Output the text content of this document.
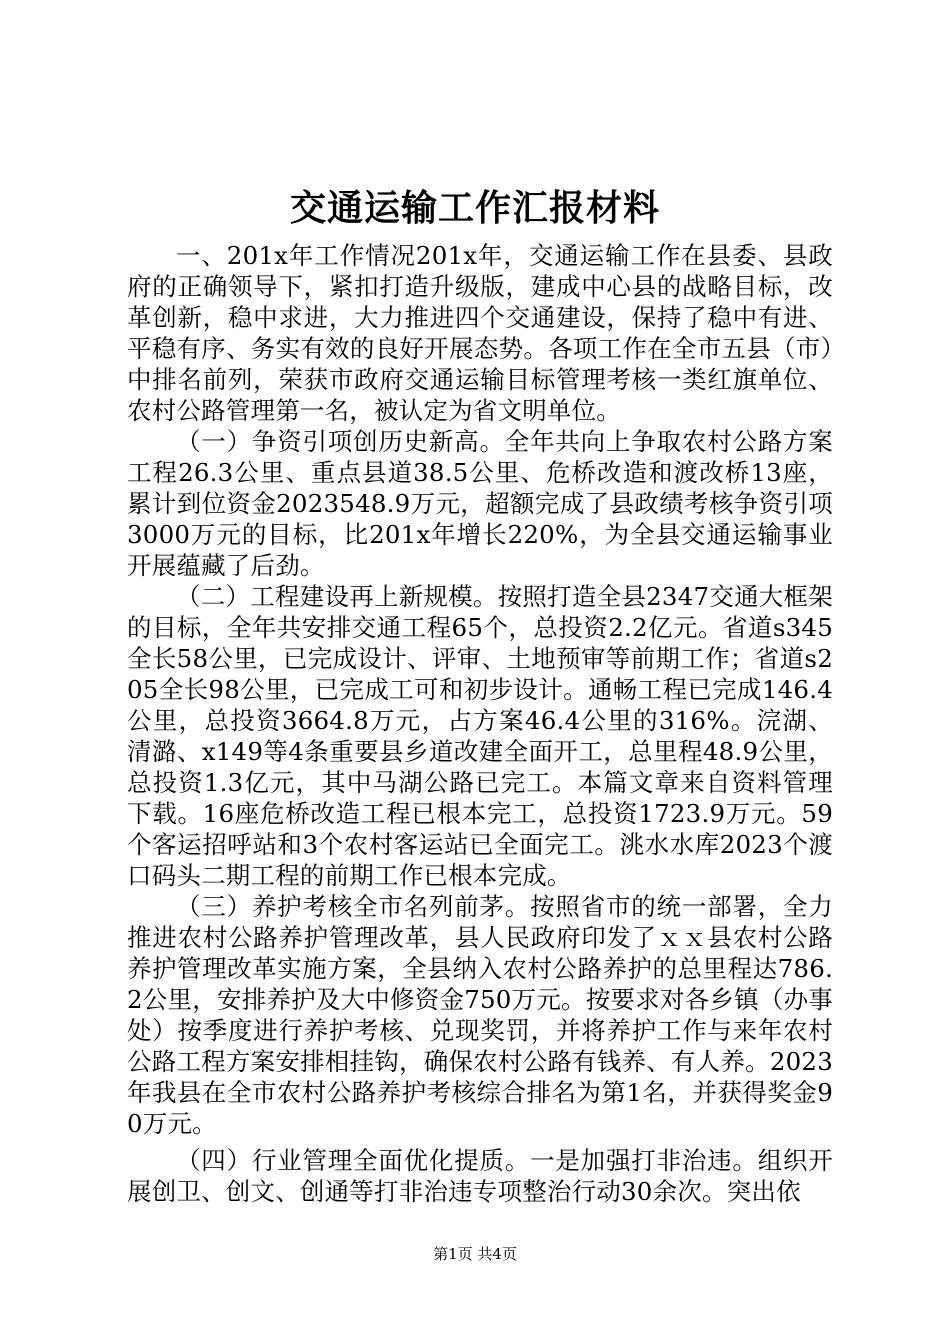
交通运输工作汇报材料

一、201x年工作情况201x年，交通运输工作在县委、县政府的正确领导下，紧扣打造升级版，建成中心县的战略目标，改革创新，稳中求进，大力推进四个交通建设，保持了稳中有进、平稳有序、务实有效的良好开展态势。各项工作在全市五县（市）中排名前列，荣获市政府交通运输目标管理考核一类红旗单位、农村公路管理第一名，被认定为省文明单位。

（一）争资引项创历史新高。全年共向上争取农村公路方案工程26.3公里、重点县道38.5公里、危桥改造和渡改桥13座，累计到位资金2023548.9万元，超额完成了县政绩考核争资引项3000万元的目标，比201x年增长220%，为全县交通运输事业开展蕴藏了后劲。

（二）工程建设再上新规模。按照打造全县2347交通大框架的目标，全年共安排交通工程65个，总投资2.2亿元。省道s345全长58公里，已完成设计、评审、土地预审等前期工作；省道s205全长98公里，已完成工可和初步设计。通畅工程已完成146.4公里，总投资3664.8万元，占方案46.4公里的316%。浣湖、清潞、x149等4条重要县乡道改建全面开工，总里程48.9公里，总投资1.3亿元，其中马湖公路已完工。本篇文章来自资料管理下载。16座危桥改造工程已根本完工，总投资1723.9万元。59个客运招呼站和3个农村客运站已全面完工。洮水水库2023个渡口码头二期工程的前期工作已根本完成。

（三）养护考核全市名列前茅。按照省市的统一部署，全力推进农村公路养护管理改革，县人民政府印发了ｘｘ县农村公路养护管理改革实施方案，全县纳入农村公路养护的总里程达786.2公里，安排养护及大中修资金750万元。按要求对各乡镇（办事处）按季度进行养护考核、兑现奖罚，并将养护工作与来年农村公路工程方案安排相挂钩，确保农村公路有钱养、有人养。2023年我县在全市农村公路养护考核综合排名为第1名，并获得奖金90万元。

（四）行业管理全面优化提质。一是加强打非治违。组织开展创卫、创文、创通等打非治违专项整治行动30余次。突出依

第1页 共4页
